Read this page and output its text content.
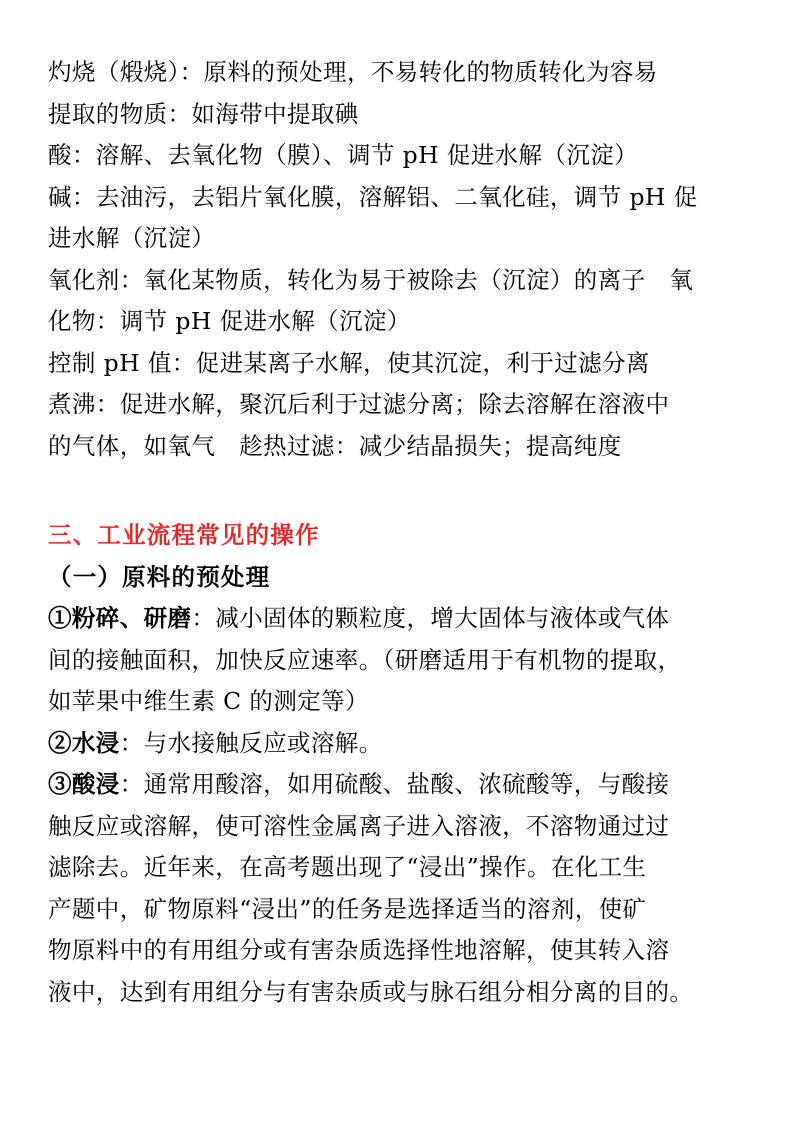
灼烧（煅烧）：原料的预处理，不易转化的物质转化为容易
提取的物质：如海带中提取碘
酸：溶解、去氧化物（膜）、调节 pH 促进水解（沉淀）
碱：去油污，去铝片氧化膜，溶解铝、二氧化硅，调节 pH 促
进水解（沉淀）
氧化剂：氧化某物质，转化为易于被除去（沉淀）的离子　氧
化物：调节 pH 促进水解（沉淀）
控制 pH 值：促进某离子水解，使其沉淀，利于过滤分离
煮沸：促进水解，聚沉后利于过滤分离；除去溶解在溶液中
的气体，如氧气　趁热过滤：减少结晶损失；提高纯度
三、工业流程常见的操作
（一）原料的预处理
①粉碎、研磨：减小固体的颗粒度，增大固体与液体或气体
间的接触面积，加快反应速率。（研磨适用于有机物的提取，
如苹果中维生素 C 的测定等）
②水浸：与水接触反应或溶解。
③酸浸：通常用酸溶，如用硫酸、盐酸、浓硫酸等，与酸接
触反应或溶解，使可溶性金属离子进入溶液，不溶物通过过
滤除去。近年来，在高考题出现了“浸出”操作。在化工生
产题中，矿物原料“浸出”的任务是选择适当的溶剂，使矿
物原料中的有用组分或有害杂质选择性地溶解，使其转入溶
液中，达到有用组分与有害杂质或与脉石组分相分离的目的。
